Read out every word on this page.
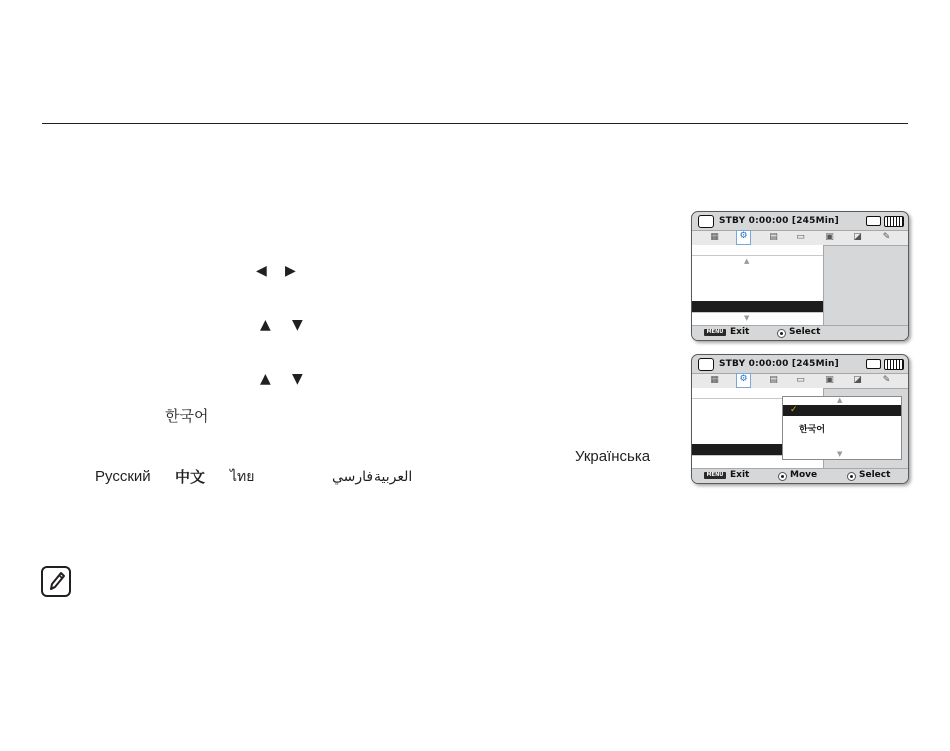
◀ ▶
▲ ▼
▲ ▼
한국어
Українська
Русский 中文 ไทย	فارسي العربية
STBY 0:00:00 [245Min]
▦	⚙	▤ ▭ ▣ ◪	✎
▲
▼
MENU Exit	Select
STBY 0:00:00 [245Min]
▦	⚙	▤ ▭ ▣ ◪	✎
▲
✓
한국어
▼
MENU Exit	Move	Select
